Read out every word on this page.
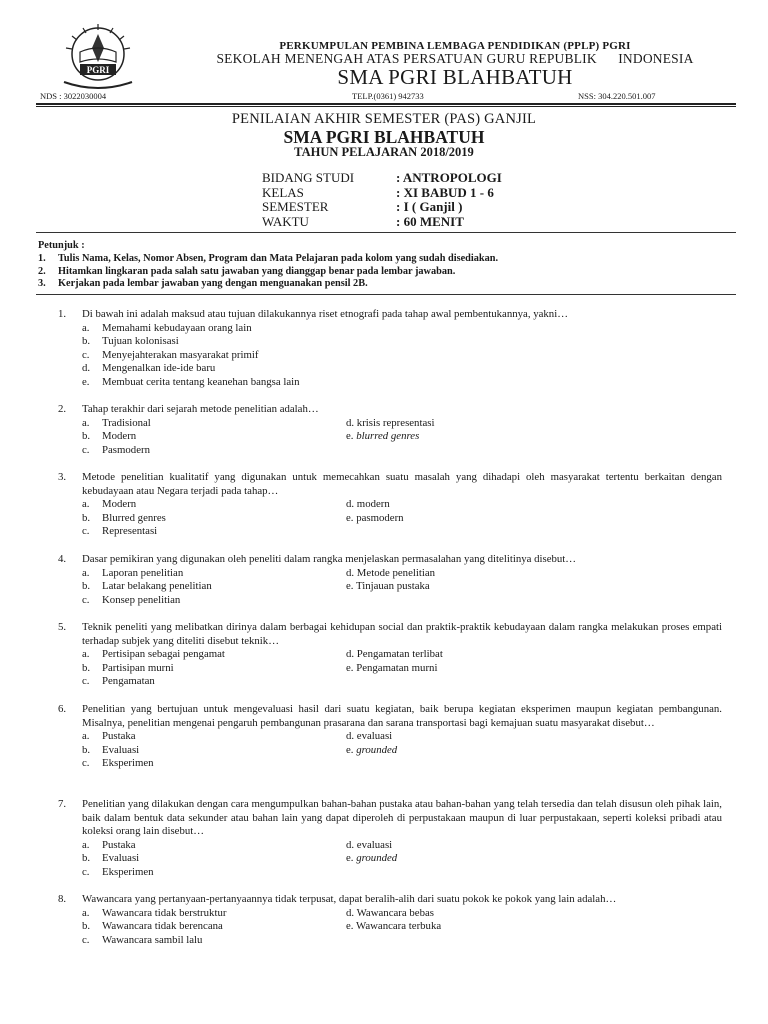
PGRI
PERKUMPULAN PEMBINA LEMBAGA PENDIDIKAN (PPLP) PGRI
SEKOLAH MENENGAH ATAS PERSATUAN GURU REPUBLIK      INDONESIA
SMA PGRI BLAHBATUH
NDS : 3022030004	TELP.(0361) 942733	NSS: 304.220.501.007
PENILAIAN AKHIR SEMESTER (PAS) GANJIL
SMA PGRI BLAHBATUH
TAHUN PELAJARAN 2018/2019
BIDANG STUDI	: ANTROPOLOGI
KELAS	: XI BABUD 1 - 6
SEMESTER	: I ( Ganjil )
WAKTU	: 60 MENIT
Petunjuk :
1.	Tulis Nama, Kelas, Nomor Absen, Program dan Mata Pelajaran pada kolom yang sudah disediakan.
2.	Hitamkan lingkaran pada salah satu jawaban yang dianggap benar pada lembar jawaban.
3.	Kerjakan pada lembar jawaban yang dengan menguanakan pensil 2B.
1.	Di bawah ini adalah maksud atau tujuan dilakukannya riset etnografi pada tahap awal pembentukannya, yakni…
a.	Memahami kebudayaan orang lain
b.	Tujuan kolonisasi
c.	Menyejahterakan masyarakat primif
d.	Mengenalkan ide-ide baru
e.	Membuat cerita tentang keanehan bangsa lain
2.	Tahap terakhir dari sejarah metode penelitian adalah…
a.	Tradisional	d. krisis representasi
b.	Modern	e. blurred genres
c.	Pasmodern
3.	Metode penelitian kualitatif yang digunakan untuk memecahkan suatu masalah yang dihadapi oleh masyarakat tertentu berkaitan dengan kebudayaan atau Negara terjadi pada tahap…
a.	Modern	d. modern
b.	Blurred genres	e. pasmodern
c.	Representasi
4.	Dasar pemikiran yang digunakan oleh peneliti dalam rangka menjelaskan permasalahan yang ditelitinya disebut…
a.	Laporan penelitian	d. Metode penelitian
b.	Latar belakang penelitian	e. Tinjauan pustaka
c.	Konsep penelitian
5.	Teknik peneliti yang melibatkan dirinya dalam berbagai kehidupan social dan praktik-praktik kebudayaan dalam rangka melakukan proses empati terhadap subjek yang diteliti disebut teknik…
a.	Pertisipan sebagai pengamat	d. Pengamatan terlibat
b.	Partisipan murni	e. Pengamatan murni
c.	Pengamatan
6.	Penelitian yang bertujuan untuk mengevaluasi hasil dari suatu kegiatan, baik berupa kegiatan eksperimen maupun kegiatan pembangunan. Misalnya, penelitian mengenai pengaruh pembangunan prasarana dan sarana transportasi bagi kemajuan suatu masyarakat disebut…
a.	Pustaka	d. evaluasi
b.	Evaluasi	e. grounded
c.	Eksperimen
7.	Penelitian yang dilakukan dengan cara mengumpulkan bahan-bahan pustaka atau bahan-bahan yang telah tersedia dan telah disusun oleh pihak lain, baik dalam bentuk data sekunder atau bahan lain yang dapat diperoleh di perpustakaan maupun di luar perpustakaan, seperti koleksi pribadi atau koleksi orang lain disebut…
a.	Pustaka	d. evaluasi
b.	Evaluasi	e. grounded
c.	Eksperimen
8.	Wawancara yang pertanyaan-pertanyaannya tidak terpusat, dapat beralih-alih dari suatu pokok ke pokok yang lain adalah…
a.	Wawancara tidak berstruktur	d. Wawancara bebas
b.	Wawancara tidak berencana	e. Wawancara terbuka
c.	Wawancara sambil lalu
